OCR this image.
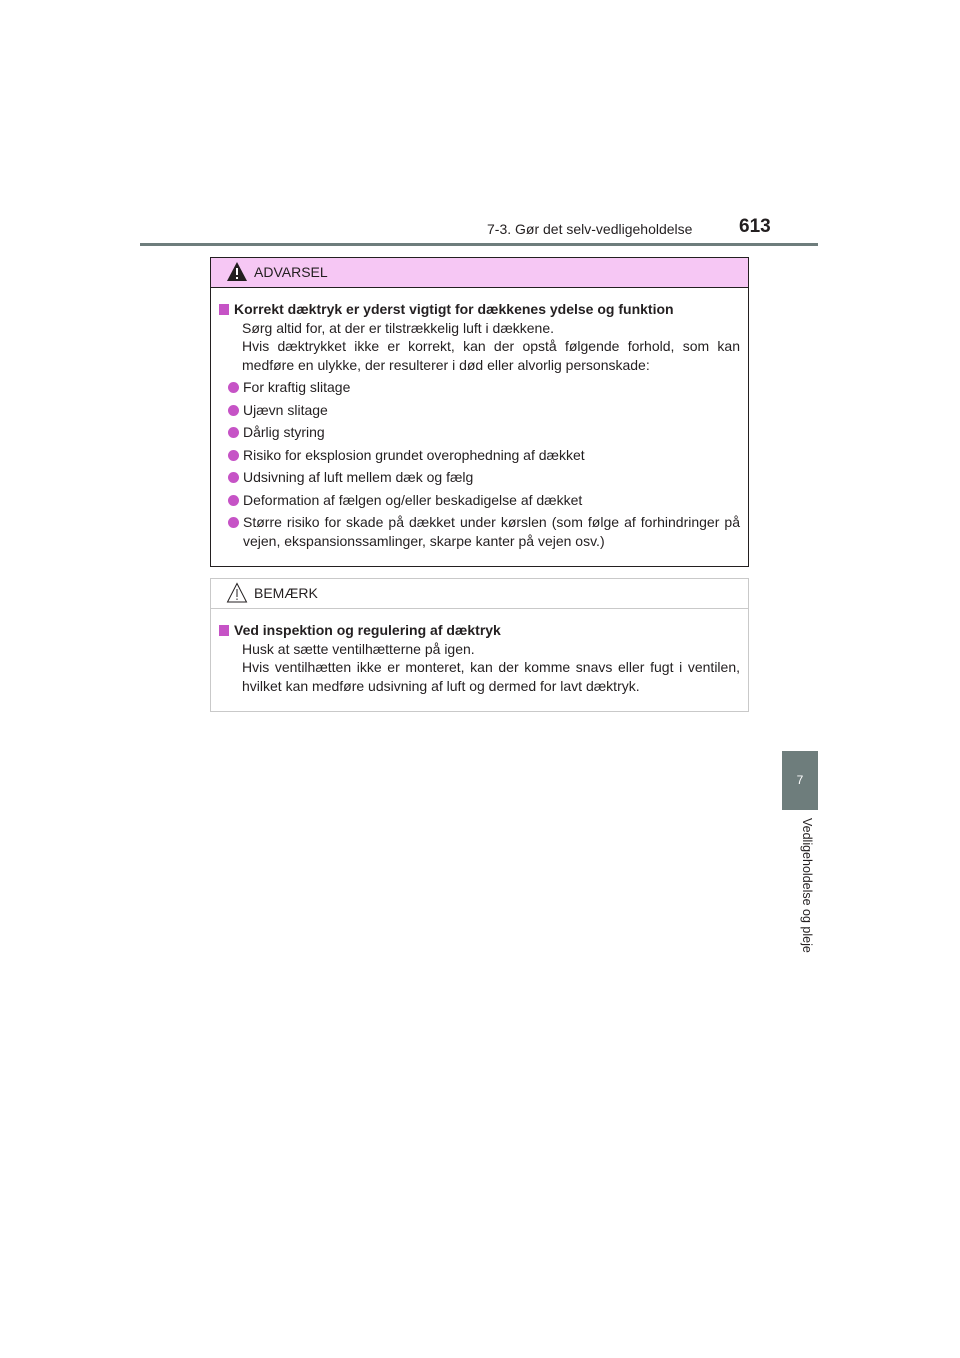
7-3. Gør det selv-vedligeholdelse 613
7
Vedligeholdelse og pleje
ADVARSEL
Korrekt dæktryk er yderst vigtigt for dækkenes ydelse og funktion
Sørg altid for, at der er tilstrækkelig luft i dækkene.
Hvis dæktrykket ikke er korrekt, kan der opstå følgende forhold, som kan medføre en ulykke, der resulterer i død eller alvorlig personskade:
For kraftig slitage
Ujævn slitage
Dårlig styring
Risiko for eksplosion grundet overophedning af dækket
Udsivning af luft mellem dæk og fælg
Deformation af fælgen og/eller beskadigelse af dækket
Større risiko for skade på dækket under kørslen (som følge af forhindringer på vejen, ekspansionssamlinger, skarpe kanter på vejen osv.)
BEMÆRK
Ved inspektion og regulering af dæktryk
Husk at sætte ventilhætterne på igen.
Hvis ventilhætten ikke er monteret, kan der komme snavs eller fugt i ventilen, hvilket kan medføre udsivning af luft og dermed for lavt dæktryk.
